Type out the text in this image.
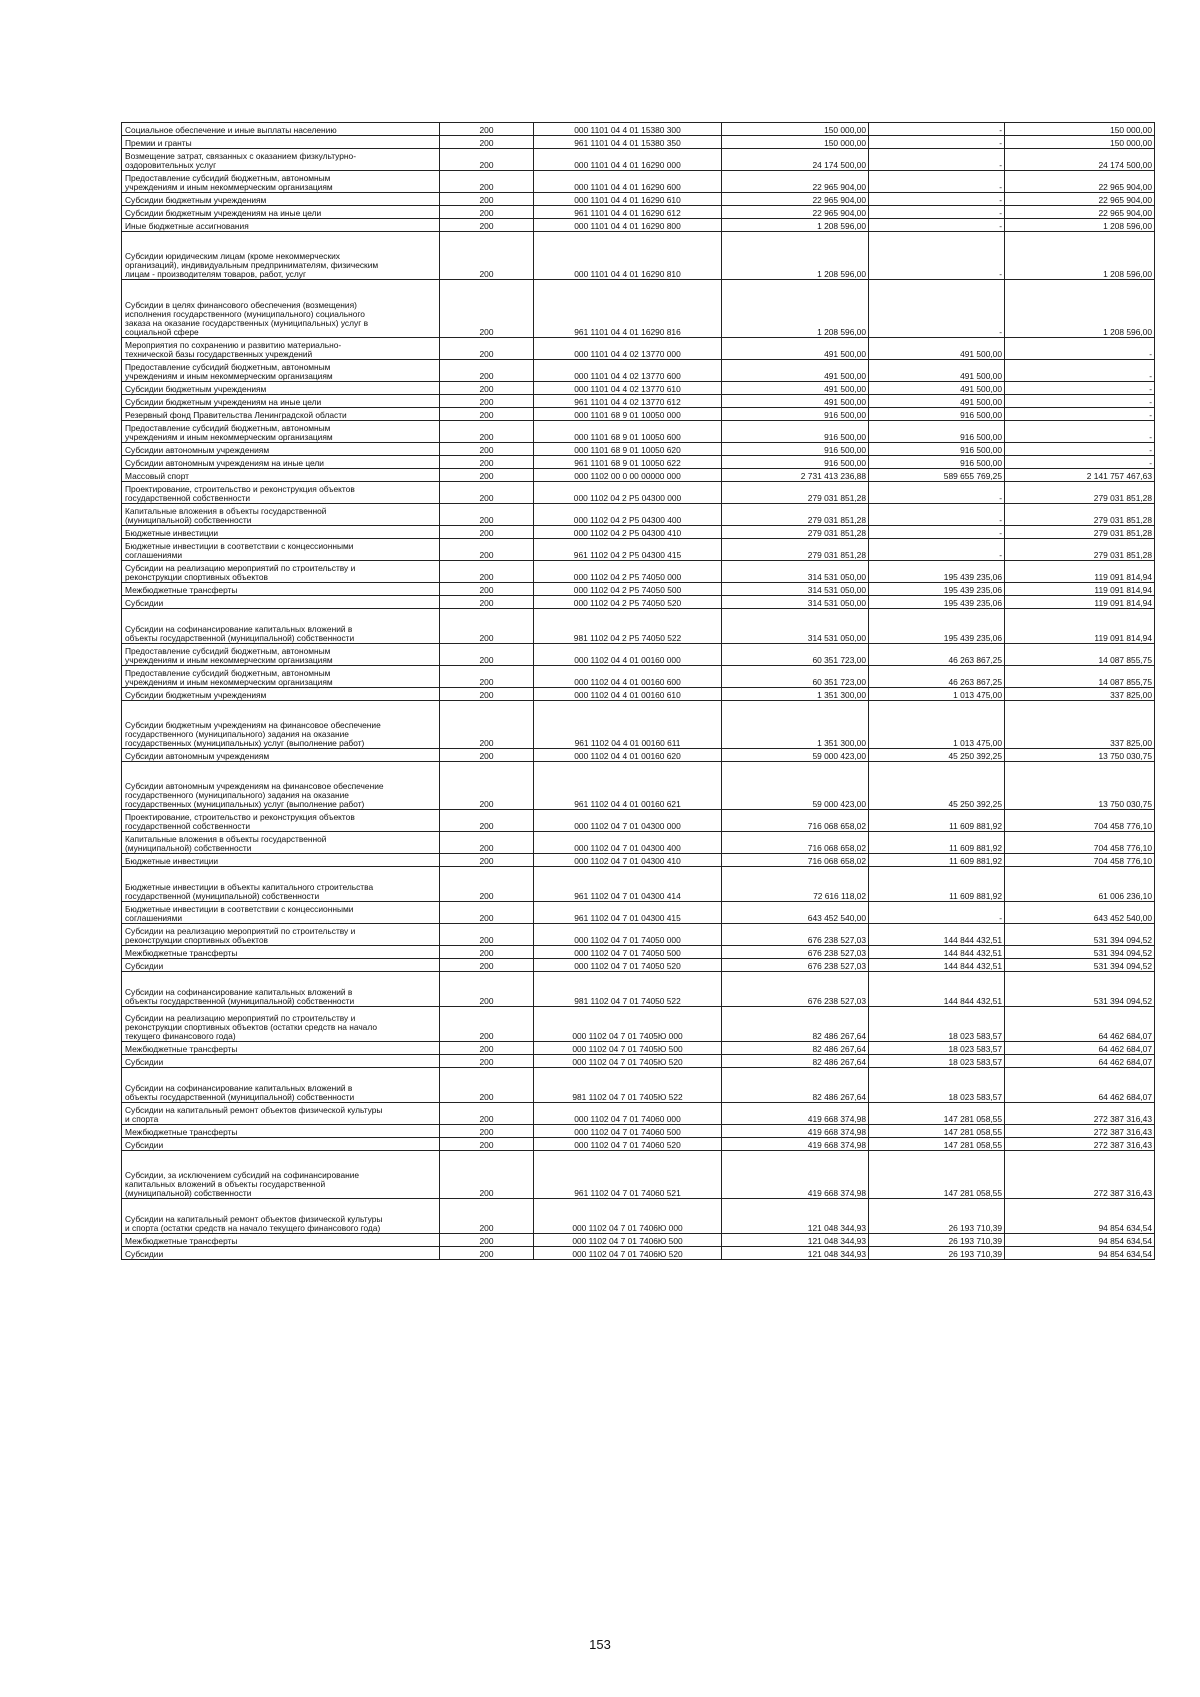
Социальное обеспечение и иные выплаты населению	200	000 1101 04 4 01 15380 300	150 000,00	-	150 000,00
Премии и гранты	200	961 1101 04 4 01 15380 350	150 000,00	-	150 000,00
Возмещение затрат, связанных с оказанием физкультурно-
оздоровительных услуг	200	000 1101 04 4 01 16290 000	24 174 500,00	-	24 174 500,00
Предоставление субсидий бюджетным, автономным
учреждениям и иным некоммерческим организациям	200	000 1101 04 4 01 16290 600	22 965 904,00	-	22 965 904,00
Субсидии бюджетным учреждениям	200	000 1101 04 4 01 16290 610	22 965 904,00	-	22 965 904,00
Субсидии бюджетным учреждениям на иные цели	200	961 1101 04 4 01 16290 612	22 965 904,00	-	22 965 904,00
Иные бюджетные ассигнования	200	000 1101 04 4 01 16290 800	1 208 596,00	-	1 208 596,00
Субсидии юридическим лицам (кроме некоммерческих
организаций), индивидуальным предпринимателям, физическим
лицам - производителям товаров, работ, услуг	200	000 1101 04 4 01 16290 810	1 208 596,00	-	1 208 596,00
Субсидии в целях финансового обеспечения (возмещения)
исполнения государственного (муниципального) социального
заказа на оказание государственных (муниципальных) услуг в
социальной сфере	200	961 1101 04 4 01 16290 816	1 208 596,00	-	1 208 596,00
Мероприятия по сохранению и развитию материально-
технической базы государственных учреждений	200	000 1101 04 4 02 13770 000	491 500,00	491 500,00	-
Предоставление субсидий бюджетным, автономным
учреждениям и иным некоммерческим организациям	200	000 1101 04 4 02 13770 600	491 500,00	491 500,00	-
Субсидии бюджетным учреждениям	200	000 1101 04 4 02 13770 610	491 500,00	491 500,00	-
Субсидии бюджетным учреждениям на иные цели	200	961 1101 04 4 02 13770 612	491 500,00	491 500,00	-
Резервный фонд Правительства Ленинградской области	200	000 1101 68 9 01 10050 000	916 500,00	916 500,00	-
Предоставление субсидий бюджетным, автономным
учреждениям и иным некоммерческим организациям	200	000 1101 68 9 01 10050 600	916 500,00	916 500,00	-
Субсидии автономным учреждениям	200	000 1101 68 9 01 10050 620	916 500,00	916 500,00	-
Субсидии автономным учреждениям на иные цели	200	961 1101 68 9 01 10050 622	916 500,00	916 500,00	-
Массовый спорт	200	000 1102 00 0 00 00000 000	2 731 413 236,88	589 655 769,25	2 141 757 467,63
Проектирование, строительство и реконструкция объектов
государственной собственности	200	000 1102 04 2 P5 04300 000	279 031 851,28	-	279 031 851,28
Капитальные вложения в объекты государственной
(муниципальной) собственности	200	000 1102 04 2 P5 04300 400	279 031 851,28	-	279 031 851,28
Бюджетные инвестиции	200	000 1102 04 2 P5 04300 410	279 031 851,28	-	279 031 851,28
Бюджетные инвестиции в соответствии с концессионными
соглашениями	200	961 1102 04 2 P5 04300 415	279 031 851,28	-	279 031 851,28
Субсидии на реализацию мероприятий по строительству и
реконструкции спортивных объектов	200	000 1102 04 2 P5 74050 000	314 531 050,00	195 439 235,06	119 091 814,94
Межбюджетные трансферты	200	000 1102 04 2 P5 74050 500	314 531 050,00	195 439 235,06	119 091 814,94
Субсидии	200	000 1102 04 2 P5 74050 520	314 531 050,00	195 439 235,06	119 091 814,94
Субсидии на софинансирование капитальных вложений в
объекты государственной (муниципальной) собственности	200	981 1102 04 2 P5 74050 522	314 531 050,00	195 439 235,06	119 091 814,94
Предоставление субсидий бюджетным, автономным
учреждениям и иным некоммерческим организациям	200	000 1102 04 4 01 00160 000	60 351 723,00	46 263 867,25	14 087 855,75
Предоставление субсидий бюджетным, автономным
учреждениям и иным некоммерческим организациям	200	000 1102 04 4 01 00160 600	60 351 723,00	46 263 867,25	14 087 855,75
Субсидии бюджетным учреждениям	200	000 1102 04 4 01 00160 610	1 351 300,00	1 013 475,00	337 825,00
Субсидии бюджетным учреждениям на финансовое обеспечение
государственного (муниципального) задания на оказание
государственных (муниципальных) услуг (выполнение работ)	200	961 1102 04 4 01 00160 611	1 351 300,00	1 013 475,00	337 825,00
Субсидии автономным учреждениям	200	000 1102 04 4 01 00160 620	59 000 423,00	45 250 392,25	13 750 030,75
Субсидии автономным учреждениям на финансовое обеспечение
государственного (муниципального) задания на оказание
государственных (муниципальных) услуг (выполнение работ)	200	961 1102 04 4 01 00160 621	59 000 423,00	45 250 392,25	13 750 030,75
Проектирование, строительство и реконструкция объектов
государственной собственности	200	000 1102 04 7 01 04300 000	716 068 658,02	11 609 881,92	704 458 776,10
Капитальные вложения в объекты государственной
(муниципальной) собственности	200	000 1102 04 7 01 04300 400	716 068 658,02	11 609 881,92	704 458 776,10
Бюджетные инвестиции	200	000 1102 04 7 01 04300 410	716 068 658,02	11 609 881,92	704 458 776,10
Бюджетные инвестиции в объекты капитального строительства
государственной (муниципальной) собственности	200	961 1102 04 7 01 04300 414	72 616 118,02	11 609 881,92	61 006 236,10
Бюджетные инвестиции в соответствии с концессионными
соглашениями	200	961 1102 04 7 01 04300 415	643 452 540,00	-	643 452 540,00
Субсидии на реализацию мероприятий по строительству и
реконструкции спортивных объектов	200	000 1102 04 7 01 74050 000	676 238 527,03	144 844 432,51	531 394 094,52
Межбюджетные трансферты	200	000 1102 04 7 01 74050 500	676 238 527,03	144 844 432,51	531 394 094,52
Субсидии	200	000 1102 04 7 01 74050 520	676 238 527,03	144 844 432,51	531 394 094,52
Субсидии на софинансирование капитальных вложений в
объекты государственной (муниципальной) собственности	200	981 1102 04 7 01 74050 522	676 238 527,03	144 844 432,51	531 394 094,52
Субсидии на реализацию мероприятий по строительству и
реконструкции спортивных объектов (остатки средств на начало
текущего финансового года)	200	000 1102 04 7 01 7405Ю 000	82 486 267,64	18 023 583,57	64 462 684,07
Межбюджетные трансферты	200	000 1102 04 7 01 7405Ю 500	82 486 267,64	18 023 583,57	64 462 684,07
Субсидии	200	000 1102 04 7 01 7405Ю 520	82 486 267,64	18 023 583,57	64 462 684,07
Субсидии на софинансирование капитальных вложений в
объекты государственной (муниципальной) собственности	200	981 1102 04 7 01 7405Ю 522	82 486 267,64	18 023 583,57	64 462 684,07
Субсидии на капитальный ремонт объектов физической культуры
и спорта	200	000 1102 04 7 01 74060 000	419 668 374,98	147 281 058,55	272 387 316,43
Межбюджетные трансферты	200	000 1102 04 7 01 74060 500	419 668 374,98	147 281 058,55	272 387 316,43
Субсидии	200	000 1102 04 7 01 74060 520	419 668 374,98	147 281 058,55	272 387 316,43
Субсидии, за исключением субсидий на софинансирование
капитальных вложений в объекты государственной
(муниципальной) собственности	200	961 1102 04 7 01 74060 521	419 668 374,98	147 281 058,55	272 387 316,43
Субсидии на капитальный ремонт объектов физической культуры
и спорта (остатки средств на начало текущего финансового года)	200	000 1102 04 7 01 7406Ю 000	121 048 344,93	26 193 710,39	94 854 634,54
Межбюджетные трансферты	200	000 1102 04 7 01 7406Ю 500	121 048 344,93	26 193 710,39	94 854 634,54
Субсидии	200	000 1102 04 7 01 7406Ю 520	121 048 344,93	26 193 710,39	94 854 634,54
153
